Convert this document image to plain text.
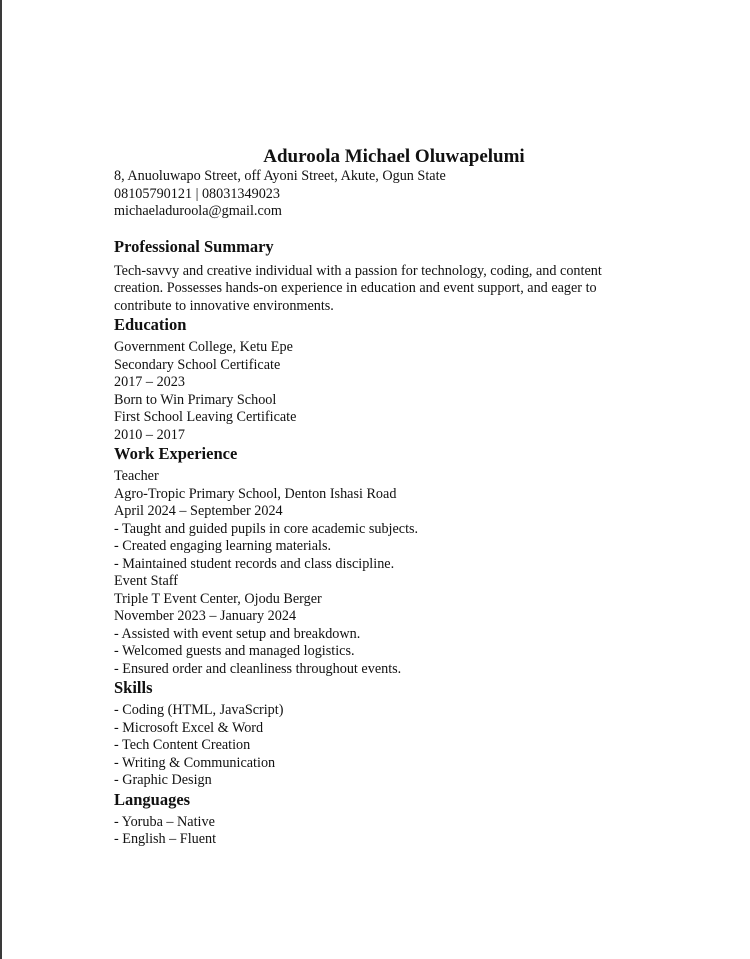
Aduroola Michael Oluwapelumi

8, Anuoluwapo Street, off Ayoni Street, Akute, Ogun State

08105790121 | 08031349023

michaeladuroola@gmail.com

Professional Summary

Tech-savvy and creative individual with a passion for technology, coding, and content creation. Possesses hands-on experience in education and event support, and eager to contribute to innovative environments.

Education

Government College, Ketu Epe

Secondary School Certificate

2017 – 2023

Born to Win Primary School

First School Leaving Certificate

2010 – 2017

Work Experience

Teacher

Agro-Tropic Primary School, Denton Ishasi Road

April 2024 – September 2024

- Taught and guided pupils in core academic subjects.

- Created engaging learning materials.

- Maintained student records and class discipline.

Event Staff

Triple T Event Center, Ojodu Berger

November 2023 – January 2024

- Assisted with event setup and breakdown.

- Welcomed guests and managed logistics.

- Ensured order and cleanliness throughout events.

Skills

- Coding (HTML, JavaScript)

- Microsoft Excel & Word

- Tech Content Creation

- Writing & Communication

- Graphic Design

Languages

- Yoruba – Native

- English – Fluent
